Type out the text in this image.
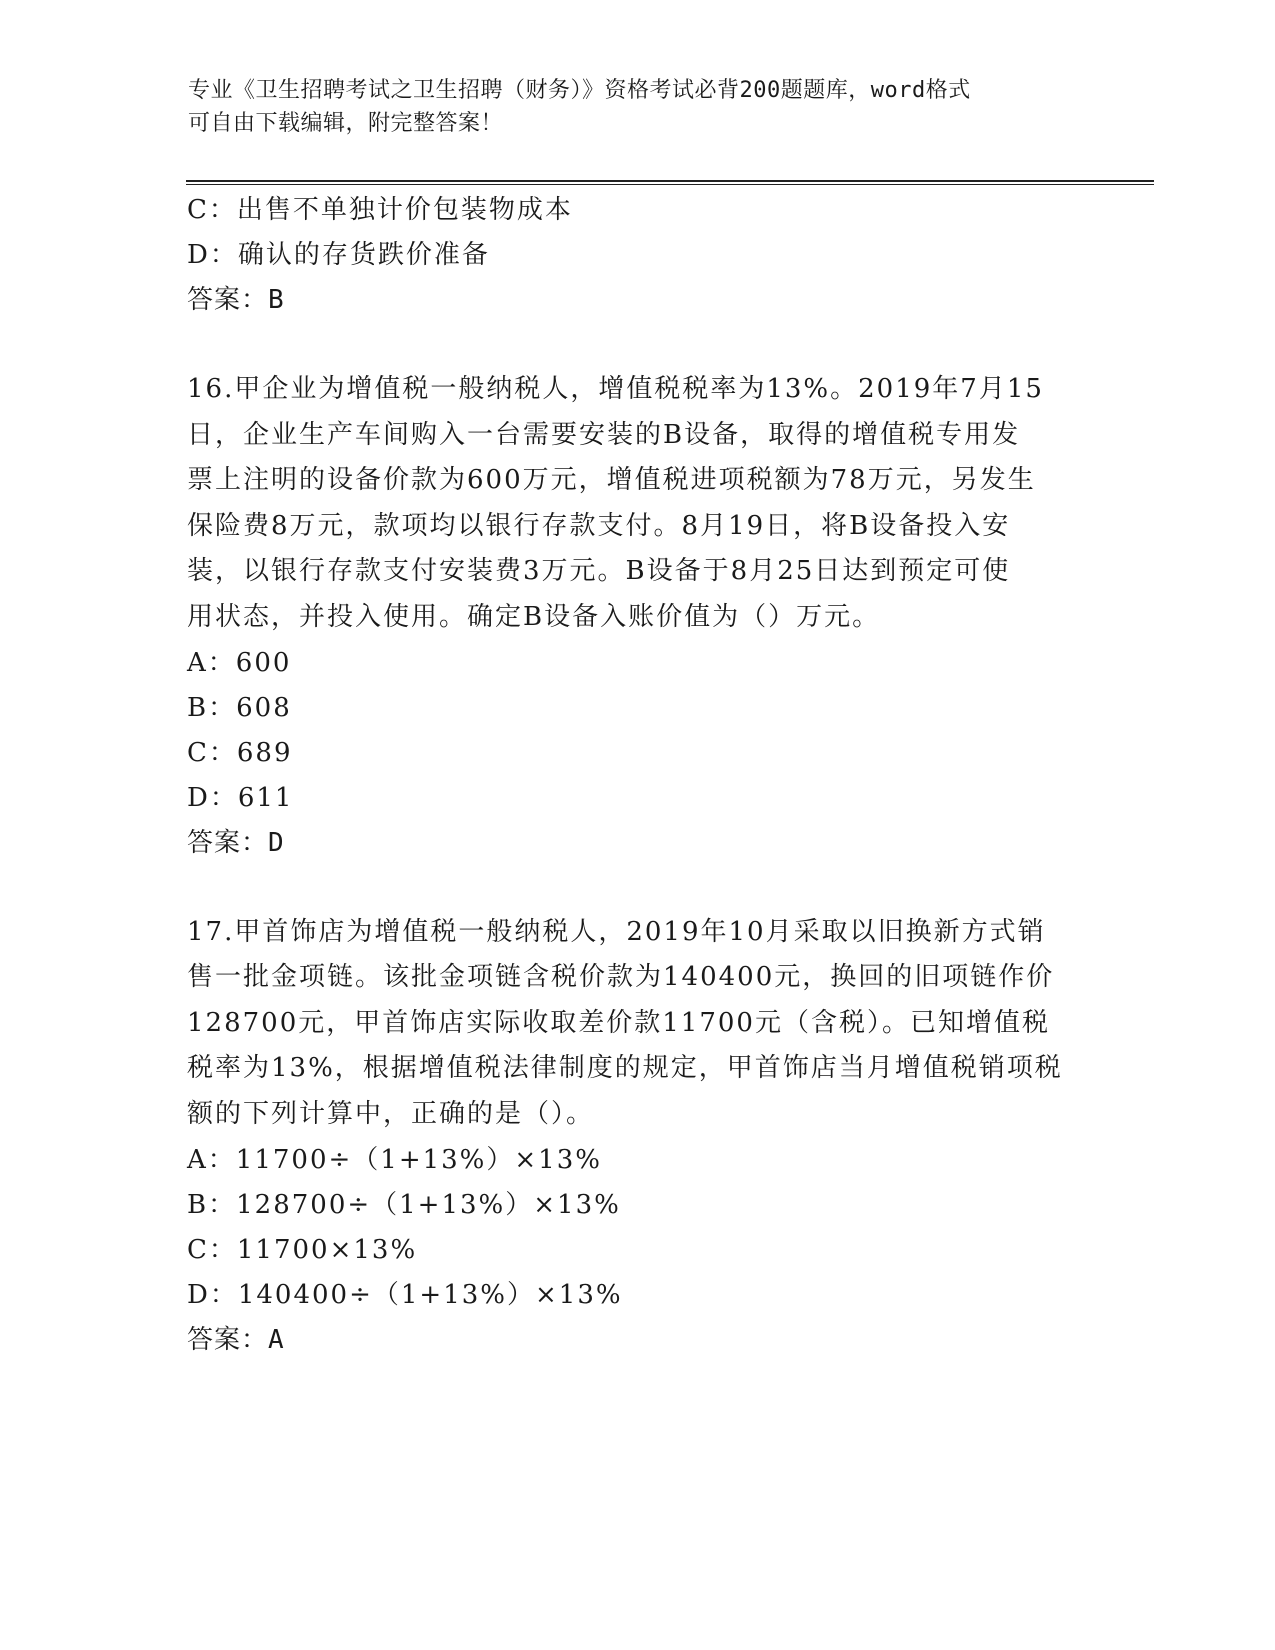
专业《卫生招聘考试之卫生招聘（财务）》资格考试必背200题题库，word格式
可自由下载编辑，附完整答案！
C：出售不单独计价包装物成本
D：确认的存货跌价准备
答案：B
16.甲企业为增值税一般纳税人，增值税税率为13%。2019年7月15
日，企业生产车间购入一台需要安装的B设备，取得的增值税专用发
票上注明的设备价款为600万元，增值税进项税额为78万元，另发生
保险费8万元，款项均以银行存款支付。8月19日，将B设备投入安
装，以银行存款支付安装费3万元。B设备于8月25日达到预定可使
用状态，并投入使用。确定B设备入账价值为（）万元。
A：600
B：608
C：689
D：611
答案：D
17.甲首饰店为增值税一般纳税人，2019年10月采取以旧换新方式销
售一批金项链。该批金项链含税价款为140400元，换回的旧项链作价
128700元，甲首饰店实际收取差价款11700元（含税）。已知增值税
税率为13%，根据增值税法律制度的规定，甲首饰店当月增值税销项税
额的下列计算中，正确的是（）。
A：11700÷（1+13%）×13%
B：128700÷（1+13%）×13%
C：11700×13%
D：140400÷（1+13%）×13%
答案：A
